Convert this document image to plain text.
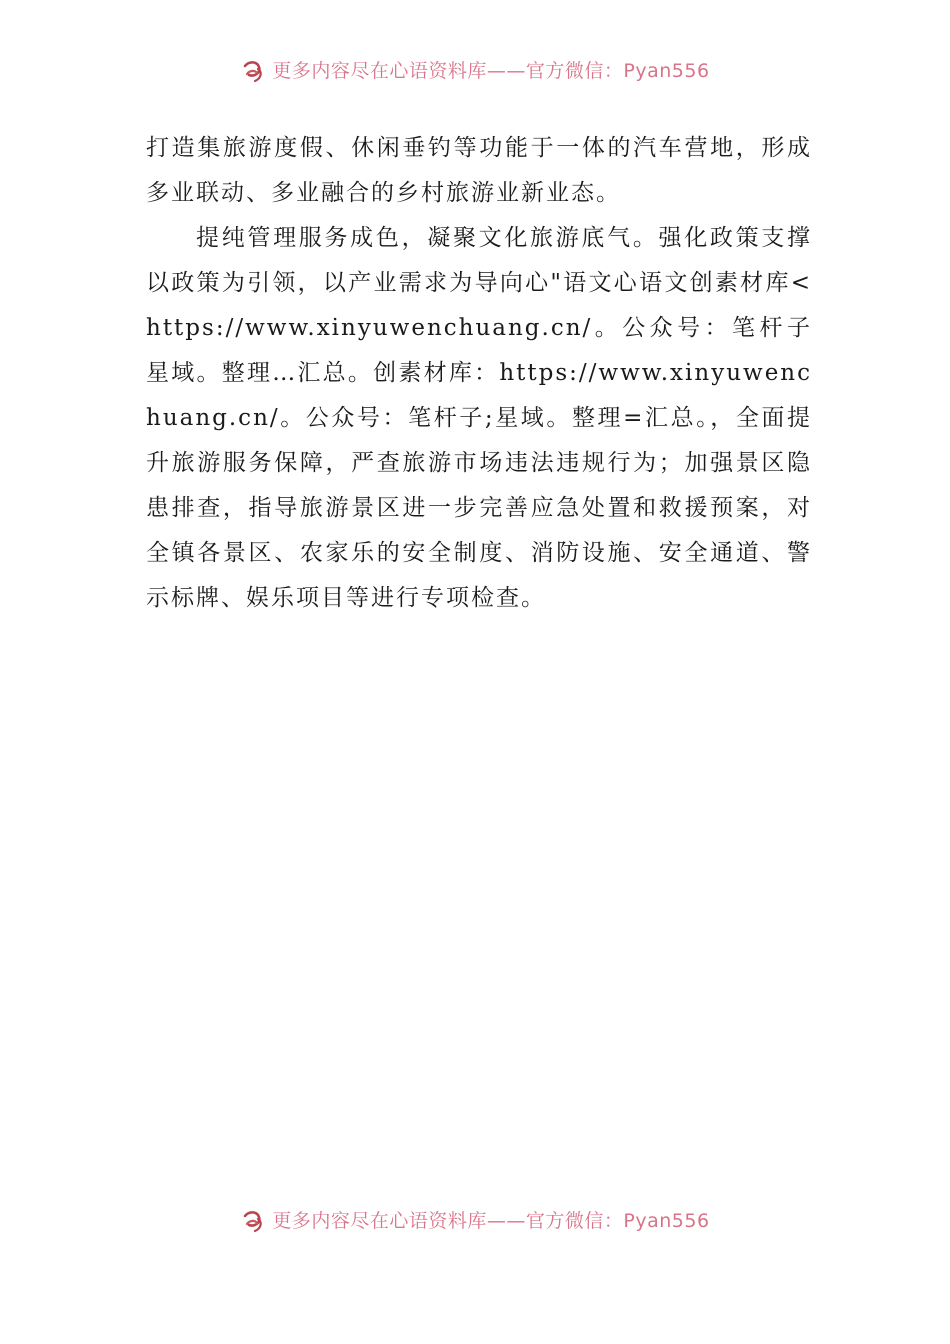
更多内容尽在心语资料库——官方微信：Pyan556

打造集旅游度假、休闲垂钓等功能于一体的汽车营地，形成多业联动、多业融合的乡村旅游业新业态。

提纯管理服务成色，凝聚文化旅游底气。强化政策支撑以政策为引领，以产业需求为导向心"语文心语文创素材库<https://www.xinyuwenchuang.cn/。公众号：笔杆子星域。整理…汇总。创素材库：https://www.xinyuwenchuang.cn/。公众号：笔杆子;星域。整理=汇总。，全面提升旅游服务保障，严查旅游市场违法违规行为；加强景区隐患排查，指导旅游景区进一步完善应急处置和救援预案，对全镇各景区、农家乐的安全制度、消防设施、安全通道、警示标牌、娱乐项目等进行专项检查。

更多内容尽在心语资料库——官方微信：Pyan556
